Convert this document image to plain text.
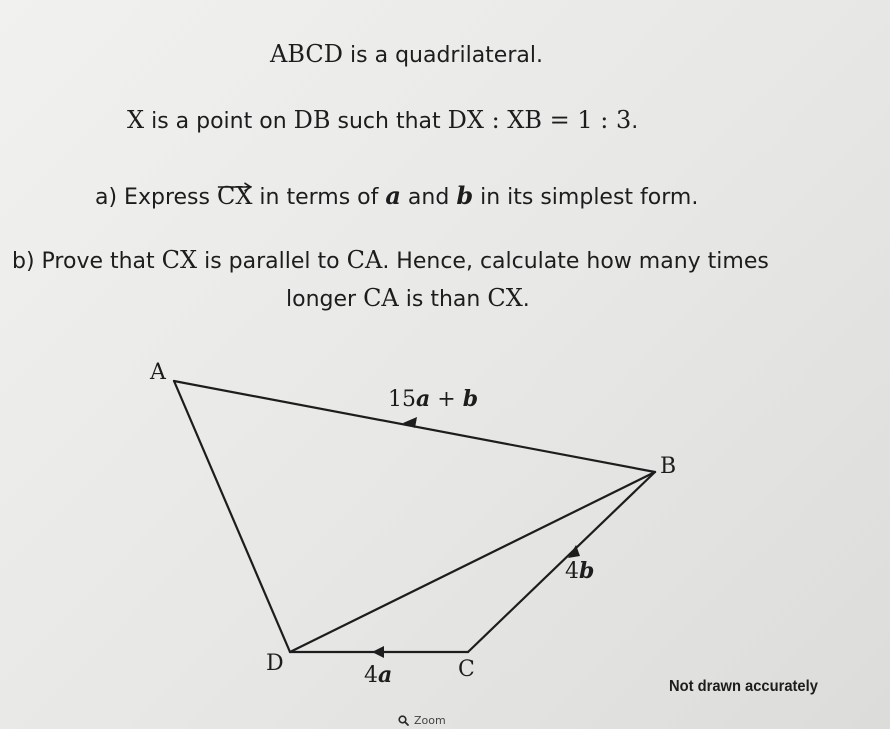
ABCD is a quadrilateral.
X is a point on DB such that DX : XB = 1 : 3.
a) Express
CX in terms of a and b in its simplest form.
b) Prove that CX is parallel to CA. Hence, calculate how many times
longer CA is than CX.
A
B
C
D
15a + b
4b
4a	Not drawn accurately
Zoom
